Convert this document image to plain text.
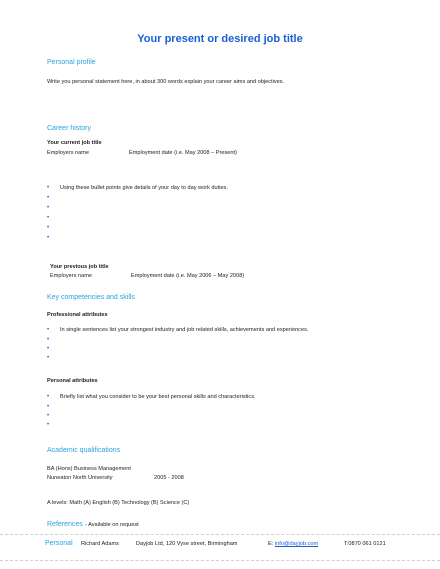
Your present or desired job title
Personal profile
Write you personal statement here, in about 300 words explain your career aims and objectives.
Career history
Your current job title
Employers name	Employment date (i.e. May 2008 – Present)
• Using these bullet points give details of your day to day work duties.
•
•
•
•
•
Your previous job title
Employers name	Employment date (i.e. May 2006 – May 2008)
Key competencies and skills
Professional attributes
• In single sentences list your strongest industry and job related skills, achievements and experiences.
•
•
•
Personal attributes
• Briefly list what you consider to be your best personal skills and characteristics.
•
•
•
Academic qualifications
BA (Hons) Business Management
Nuneaton North University	2005 - 2008
A levels: Math (A) English (B) Technology (B) Science (C)
References - Available on request
Personal Richard Adams	Dayjob Ltd, 120 Vyse street, Birmingham	E: info@dayjob.com	T:0870 061 0121
